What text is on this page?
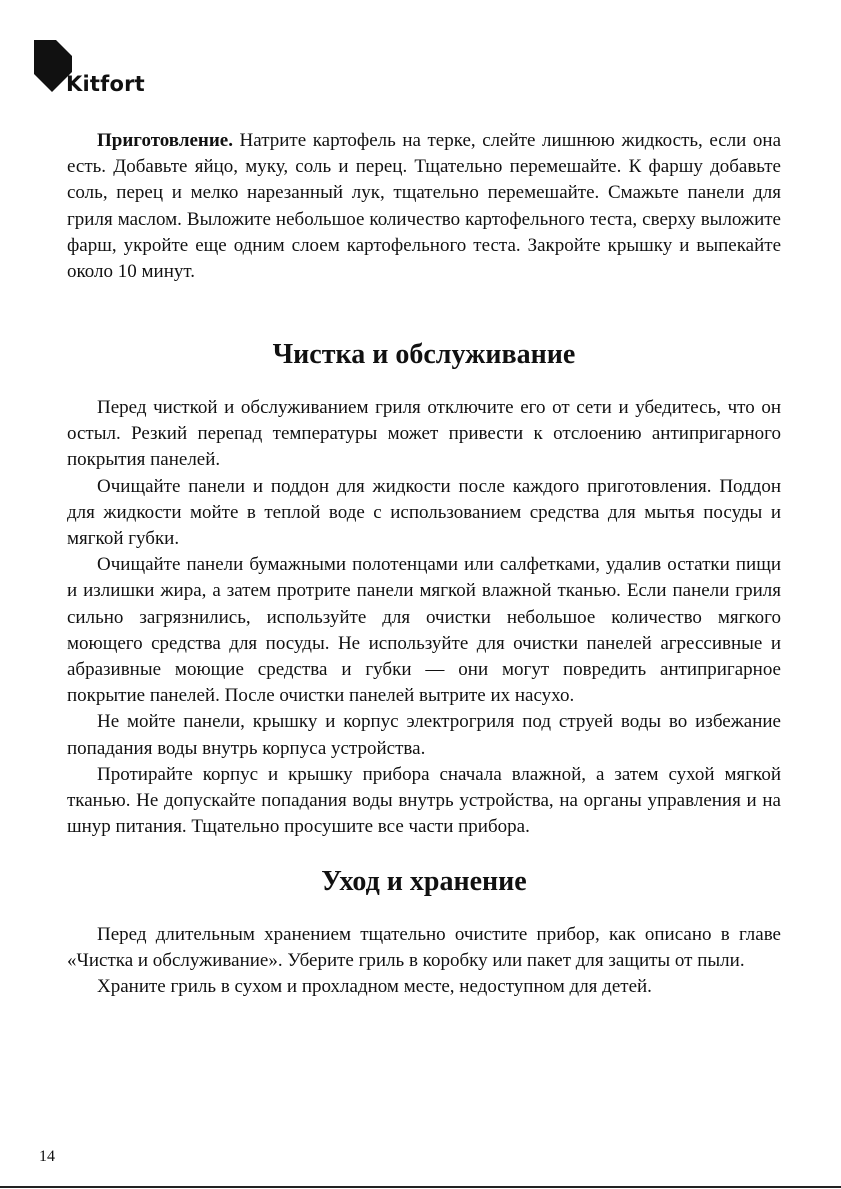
Kitfort

Приготовление. Натрите картофель на терке, слейте лишнюю жидкость, если она есть. Добавьте яйцо, муку, соль и перец. Тщательно перемешайте. К фаршу добавьте соль, перец и мелко нарезанный лук, тщательно перемешайте. Смажьте панели для гриля маслом. Выложите небольшое количество картофельного теста, сверху выложите фарш, укройте еще одним слоем картофельного теста. Закройте крышку и выпекайте около 10 минут.

Чистка и обслуживание

Перед чисткой и обслуживанием гриля отключите его от сети и убедитесь, что он остыл. Резкий перепад температуры может привести к отслоению антипригарного покрытия панелей.

Очищайте панели и поддон для жидкости после каждого приготовления. Поддон для жидкости мойте в теплой воде с использованием средства для мытья посуды и мягкой губки.

Очищайте панели бумажными полотенцами или салфетками, удалив остатки пищи и излишки жира, а затем протрите панели мягкой влажной тканью. Если панели гриля сильно загрязнились, используйте для очистки небольшое количество мягкого моющего средства для посуды. Не используйте для очистки панелей агрессивные и абразивные моющие средства и губки — они могут повредить антипригарное покрытие панелей. После очистки панелей вытрите их насухо.

Не мойте панели, крышку и корпус электрогриля под струей воды во избежание попадания воды внутрь корпуса устройства.

Протирайте корпус и крышку прибора сначала влажной, а затем сухой мягкой тканью. Не допускайте попадания воды внутрь устройства, на органы управления и на шнур питания. Тщательно просушите все части прибора.

Уход и хранение

Перед длительным хранением тщательно очистите прибор, как описано в главе «Чистка и обслуживание». Уберите гриль в коробку или пакет для защиты от пыли.

Храните гриль в сухом и прохладном месте, недоступном для детей.

14
